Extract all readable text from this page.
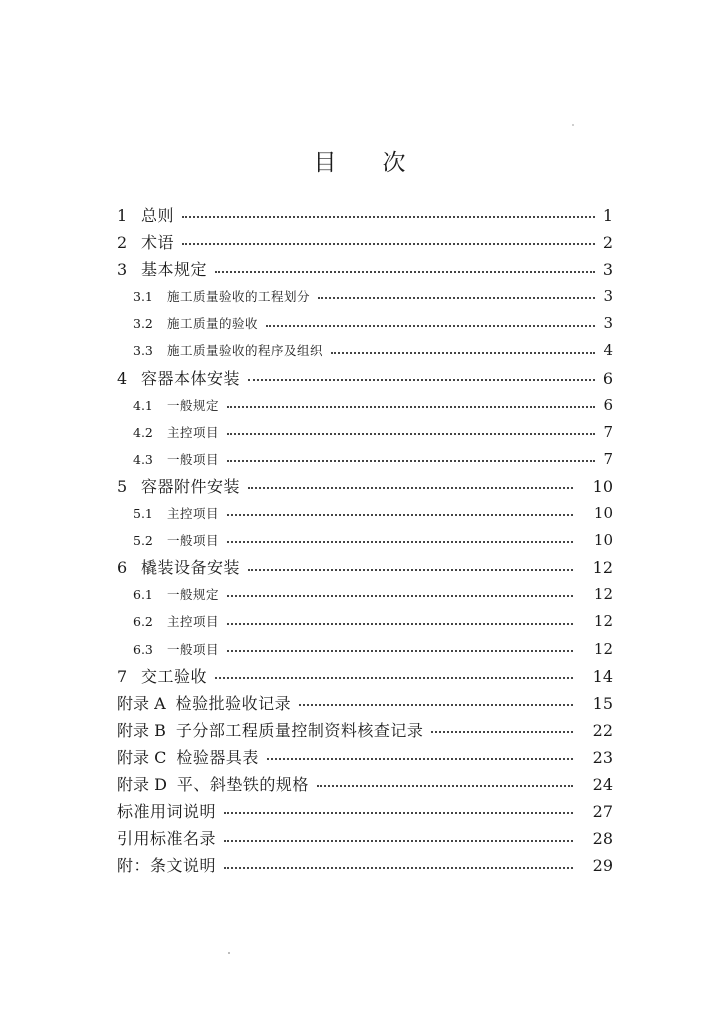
目 次
1 总则	1
2 术语	2
3 基本规定	3
3.1	施工质量验收的工程划分	3
3.2	施工质量的验收	3
3.3	施工质量验收的程序及组织	4
4 容器本体安装	6
4.1	一般规定	6
4.2	主控项目	7
4.3	一般项目	7
5 容器附件安装	10
5.1	主控项目	10
5.2	一般项目	10
6 橇装设备安装	12
6.1	一般规定	12
6.2	主控项目	12
6.3	一般项目	12
7 交工验收	14
附录 A 检验批验收记录	15
附录 B 子分部工程质量控制资料核查记录	22
附录 C 检验器具表	23
附录 D 平、斜垫铁的规格	24
标准用词说明	27
引用标准名录	28
附：条文说明	29
